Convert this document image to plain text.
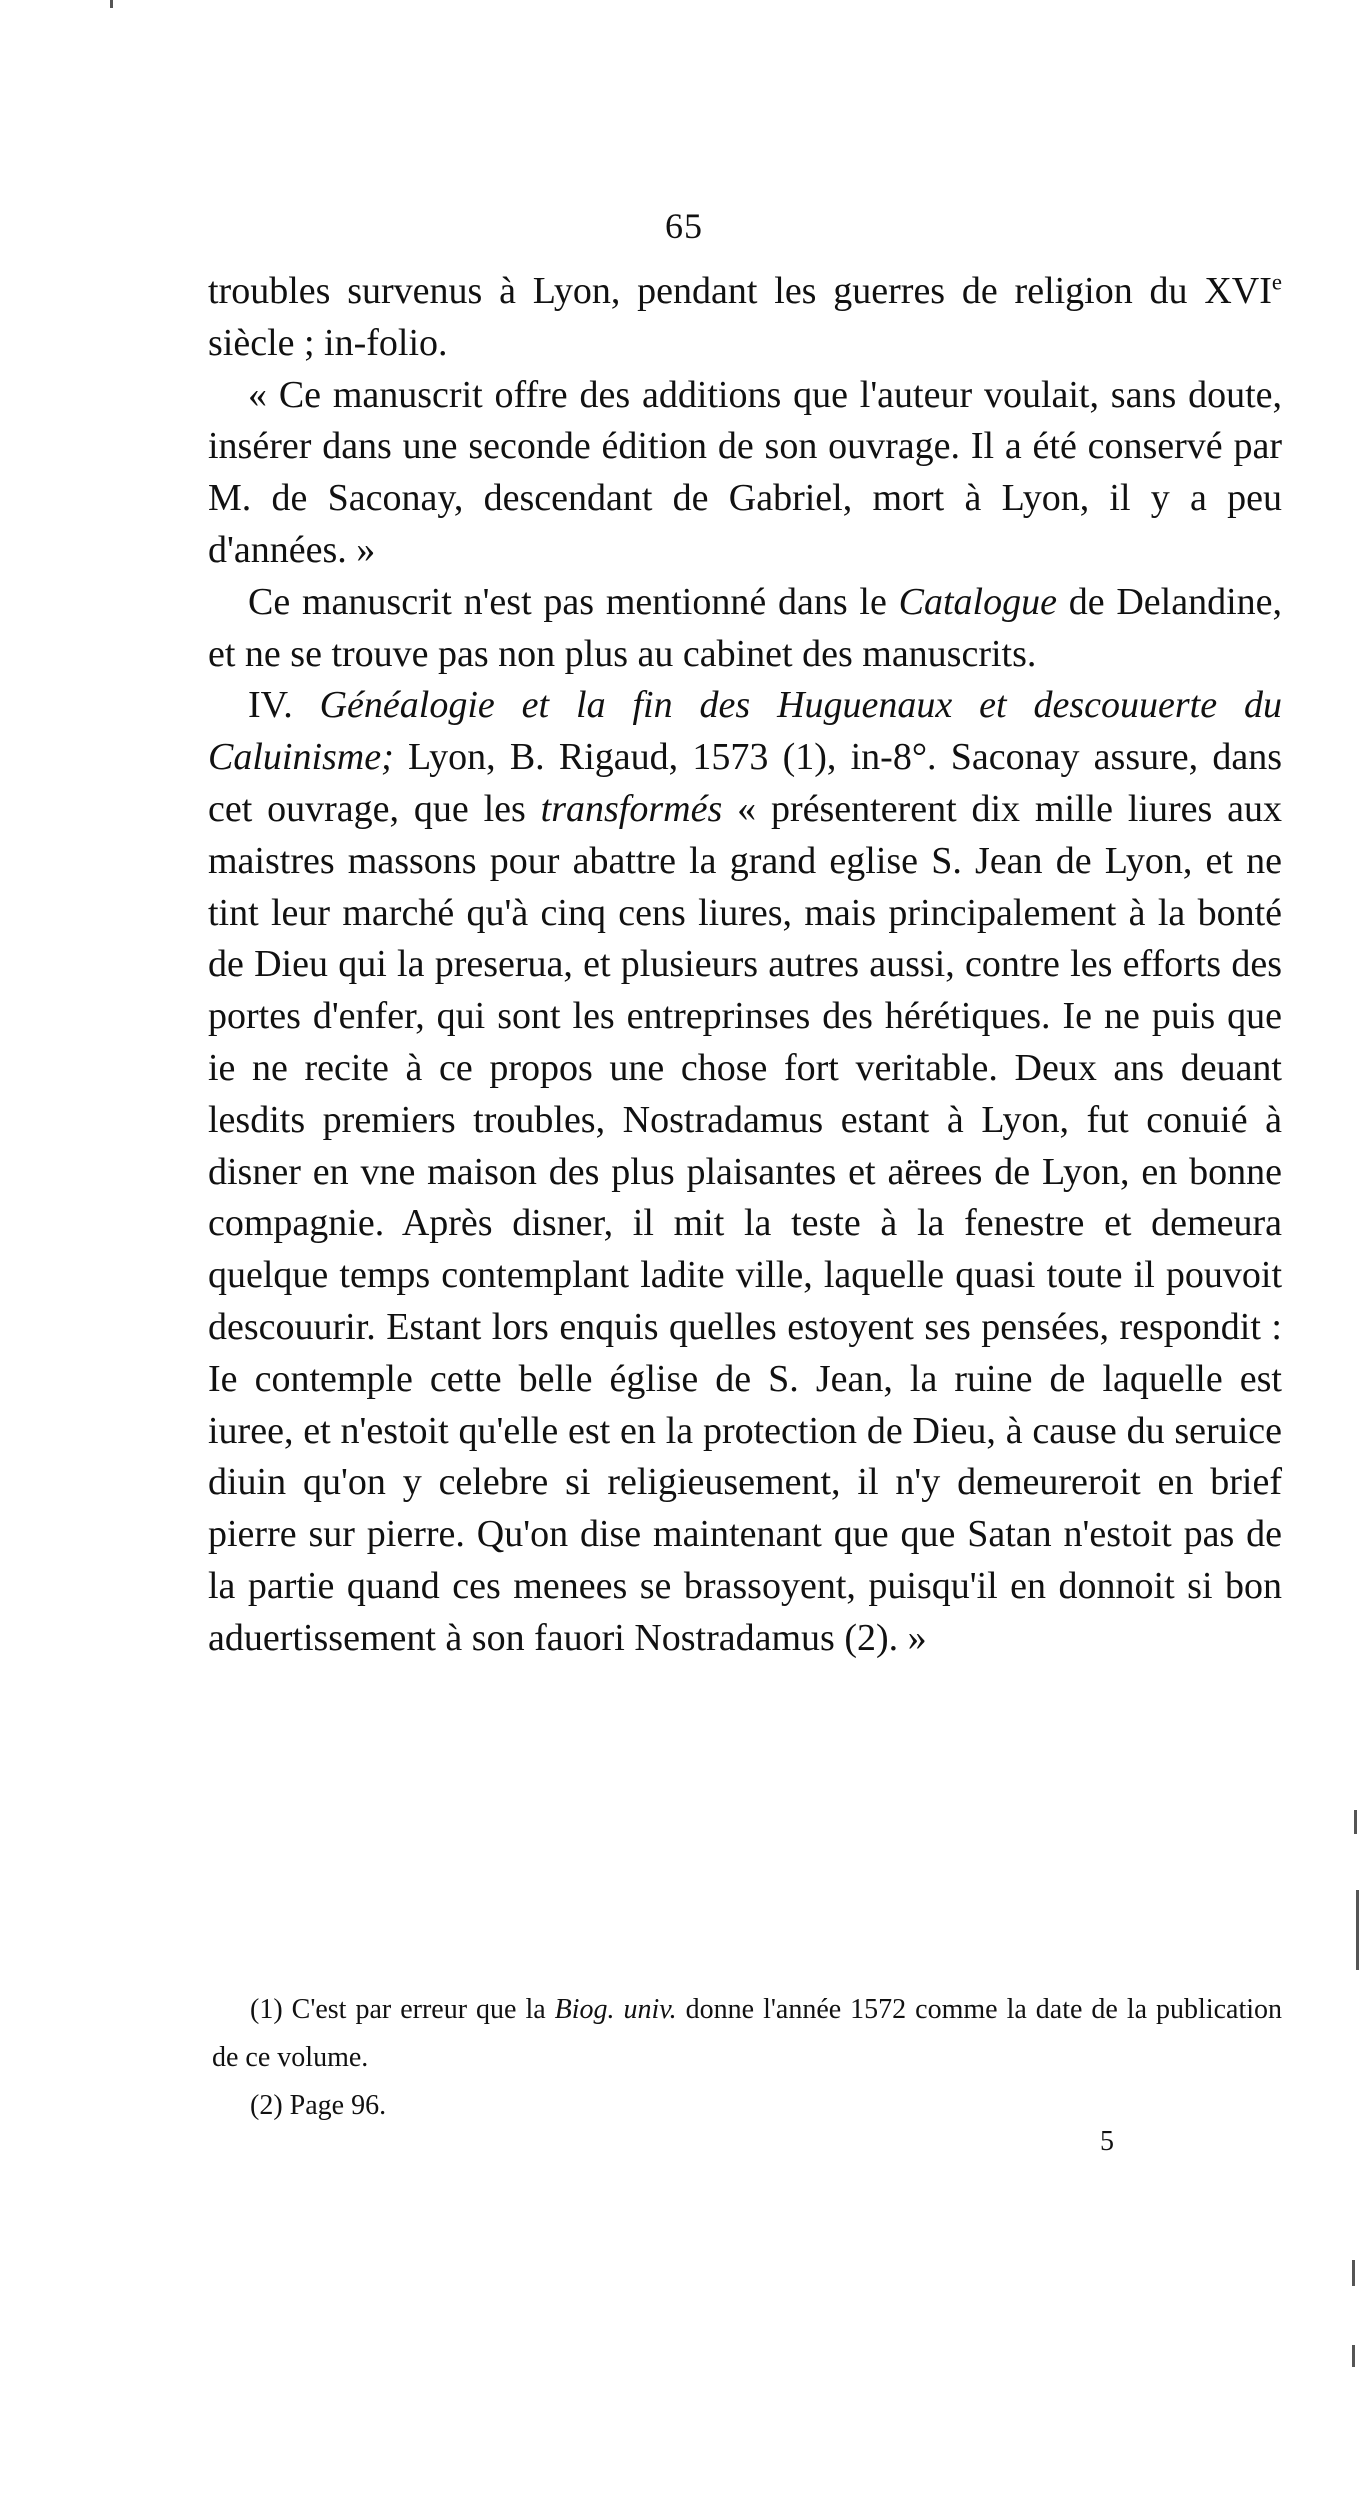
65

troubles survenus à Lyon, pendant les guerres de religion du XVIe siècle ; in-folio.

« Ce manuscrit offre des additions que l'auteur voulait, sans doute, insérer dans une seconde édition de son ouvrage. Il a été conservé par M. de Saconay, descendant de Gabriel, mort à Lyon, il y a peu d'années. »

Ce manuscrit n'est pas mentionné dans le Catalogue de Delandine, et ne se trouve pas non plus au cabinet des manuscrits.

IV. Généalogie et la fin des Huguenaux et descouuerte du Caluinisme; Lyon, B. Rigaud, 1573 (1), in-8°. Saconay assure, dans cet ouvrage, que les transformés « présenterent dix mille liures aux maistres massons pour abattre la grand eglise S. Jean de Lyon, et ne tint leur marché qu'à cinq cens liures, mais principalement à la bonté de Dieu qui la preserua, et plusieurs autres aussi, contre les efforts des portes d'enfer, qui sont les entreprinses des hérétiques. Ie ne puis que ie ne recite à ce propos une chose fort veritable. Deux ans deuant lesdits premiers troubles, Nostradamus estant à Lyon, fut conuié à disner en vne maison des plus plaisantes et aërees de Lyon, en bonne compagnie. Après disner, il mit la teste à la fenestre et demeura quelque temps contemplant ladite ville, laquelle quasi toute il pouvoit descouurir. Estant lors enquis quelles estoyent ses pensées, respondit : Ie contemple cette belle église de S. Jean, la ruine de laquelle est iuree, et n'estoit qu'elle est en la protection de Dieu, à cause du seruice diuin qu'on y celebre si religieusement, il n'y demeureroit en brief pierre sur pierre. Qu'on dise maintenant que que Satan n'estoit pas de la partie quand ces menees se brassoyent, puisqu'il en donnoit si bon aduertissement à son fauori Nostradamus (2). »

(1) C'est par erreur que la Biog. univ. donne l'année 1572 comme la date de la publication de ce volume.

(2) Page 96.

5
